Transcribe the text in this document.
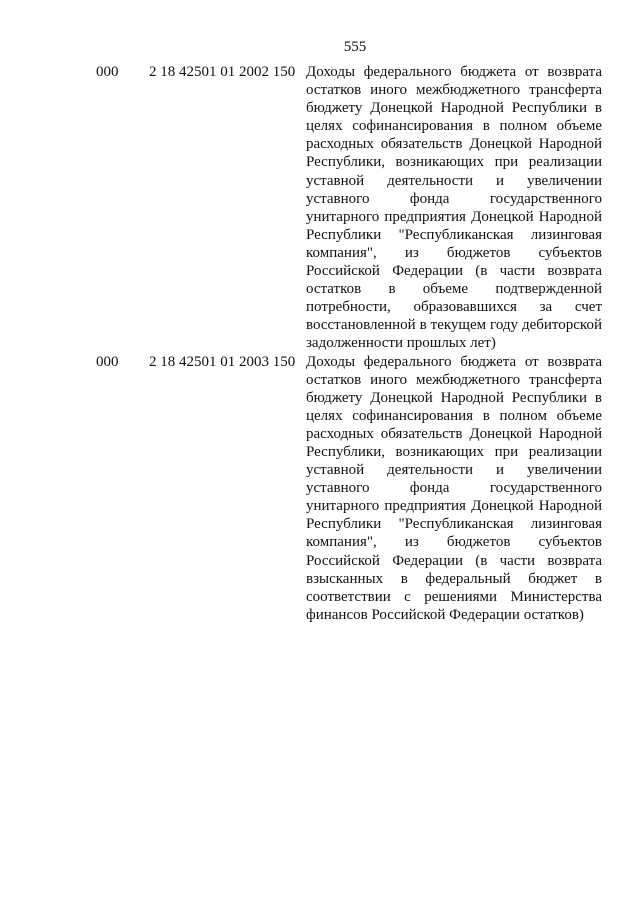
555
000 2 18 42501 01 2002 150 Доходы федерального бюджета от возврата остатков иного межбюджетного трансферта бюджету Донецкой Народной Республики в целях софинансирования в полном объеме расходных обязательств Донецкой Народной Республики, возникающих при реализации уставной деятельности и увеличении уставного фонда государственного унитарного предприятия Донецкой Народной Республики "Республиканская лизинговая компания", из бюджетов субъектов Российской Федерации (в части возврата остатков в объеме подтвержденной потребности, образовавшихся за счет восстановленной в текущем году дебиторской задолженности прошлых лет)
000 2 18 42501 01 2003 150 Доходы федерального бюджета от возврата остатков иного межбюджетного трансферта бюджету Донецкой Народной Республики в целях софинансирования в полном объеме расходных обязательств Донецкой Народной Республики, возникающих при реализации уставной деятельности и увеличении уставного фонда государственного унитарного предприятия Донецкой Народной Республики "Республиканская лизинговая компания", из бюджетов субъектов Российской Федерации (в части возврата взысканных в федеральный бюджет в соответствии с решениями Министерства финансов Российской Федерации остатков)
